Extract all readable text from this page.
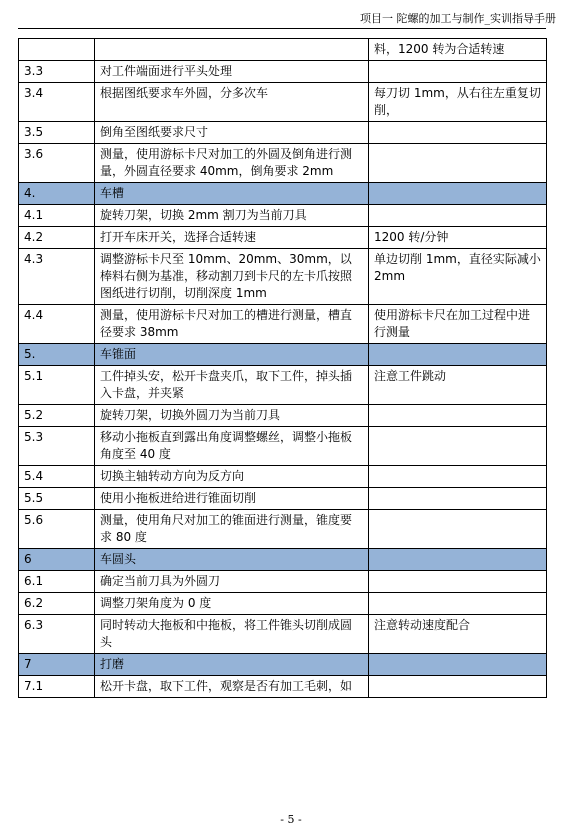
项目一 陀螺的加工与制作_实训指导手册
		料，1200 转为合适转速
3.3	对工件端面进行平头处理	
3.4	根据图纸要求车外圆，分多次车	每刀切 1mm，从右往左重复切削，
3.5	倒角至图纸要求尺寸	
3.6	测量，使用游标卡尺对加工的外圆及倒角进行测量，外圆直径要求 40mm，倒角要求 2mm	
4.	车槽	
4.1	旋转刀架，切换 2mm 割刀为当前刀具	
4.2	打开车床开关，选择合适转速	1200 转/分钟
4.3	调整游标卡尺至 10mm、20mm、30mm，以棒料右侧为基准，移动割刀到卡尺的左卡爪按照图纸进行切削，切削深度 1mm	单边切削 1mm，直径实际减小 2mm
4.4	测量，使用游标卡尺对加工的槽进行测量，槽直径要求 38mm	使用游标卡尺在加工过程中进行测量
5.	车锥面	
5.1	工件掉头安，松开卡盘夹爪，取下工件，掉头插入卡盘，并夹紧	注意工件跳动
5.2	旋转刀架，切换外圆刀为当前刀具	
5.3	移动小拖板直到露出角度调整螺丝，调整小拖板角度至 40 度	
5.4	切换主轴转动方向为反方向	
5.5	使用小拖板进给进行锥面切削	
5.6	测量，使用角尺对加工的锥面进行测量，锥度要求 80 度	
6	车圆头	
6.1	确定当前刀具为外圆刀	
6.2	调整刀架角度为 0 度	
6.3	同时转动大拖板和中拖板，将工件锥头切削成圆头	注意转动速度配合
7	打磨	
7.1	松开卡盘，取下工件，观察是否有加工毛刺，如	
- 5 -
